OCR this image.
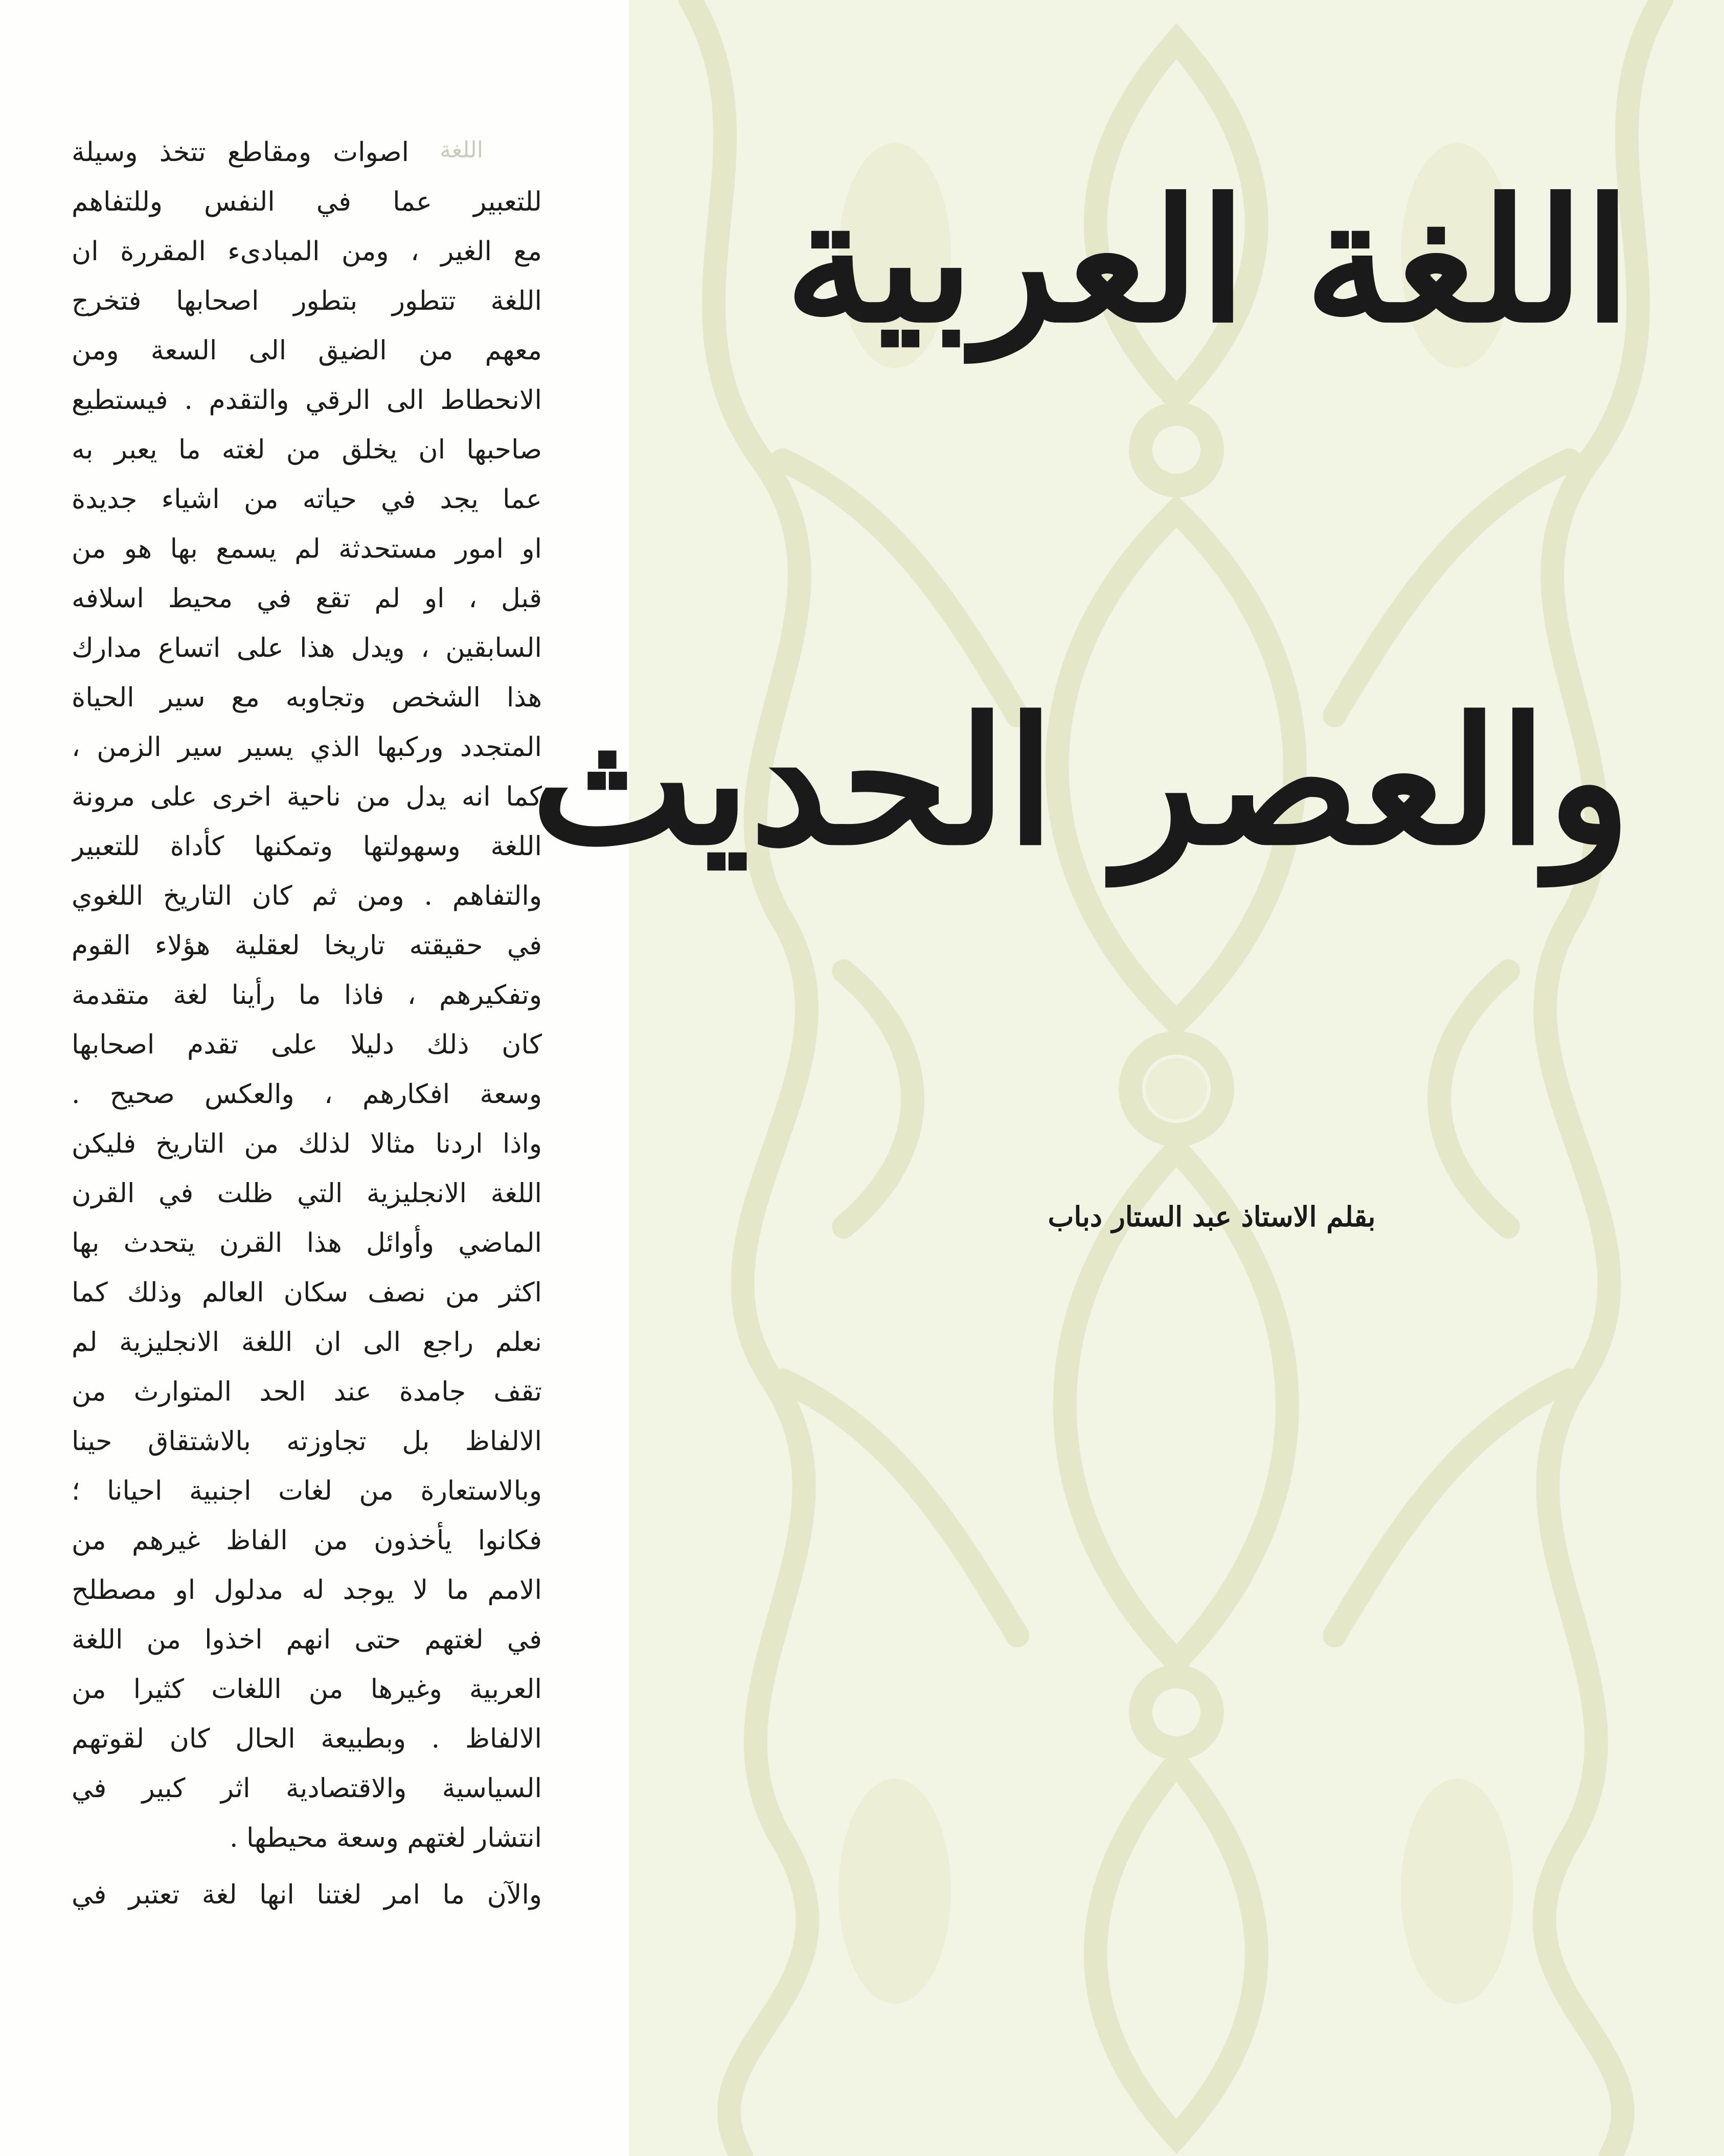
اللغة
اصوات ومقاطع تتخذ وسيلة
للتعبير عما في النفس وللتفاهم
مع الغير ، ومن المبادىء المقررة ان
اللغة تتطور بتطور اصحابها فتخرج
معهم من الضيق الى السعة ومن
الانحطاط الى الرقي والتقدم . فيستطيع
صاحبها ان يخلق من لغته ما يعبر به
عما يجد في حياته من اشياء جديدة
او امور مستحدثة لم يسمع بها هو من
قبل ، او لم تقع في محيط اسلافه
السابقين ، ويدل هذا على اتساع مدارك
هذا الشخص وتجاوبه مع سير الحياة
المتجدد وركبها الذي يسير سير الزمن ،
كما انه يدل من ناحية اخرى على مرونة
اللغة وسهولتها وتمكنها كأداة للتعبير
والتفاهم . ومن ثم كان التاريخ اللغوي
في حقيقته تاريخا لعقلية هؤلاء القوم
وتفكيرهم ، فاذا ما رأينا لغة متقدمة
كان ذلك دليلا على تقدم اصحابها
وسعة افكارهم ، والعكس صحيح .
واذا اردنا مثالا لذلك من التاريخ فليكن
اللغة الانجليزية التي ظلت في القرن
الماضي وأوائل هذا القرن يتحدث بها
اكثر من نصف سكان العالم وذلك كما
نعلم راجع الى ان اللغة الانجليزية لم
تقف جامدة عند الحد المتوارث من
الالفاظ بل تجاوزته بالاشتقاق حينا
وبالاستعارة من لغات اجنبية احيانا ؛
فكانوا يأخذون من الفاظ غيرهم من
الامم ما لا يوجد له مدلول او مصطلح
في لغتهم حتى انهم اخذوا من اللغة
العربية وغيرها من اللغات كثيرا من
الالفاظ . وبطبيعة الحال كان لقوتهم
السياسية والاقتصادية اثر كبير في
انتشار لغتهم وسعة محيطها .
والآن ما امر لغتنا انها لغة تعتبر في
اللغة العربية
والعصر الحديث
بقلم الاستاذ عبد الستار دباب
